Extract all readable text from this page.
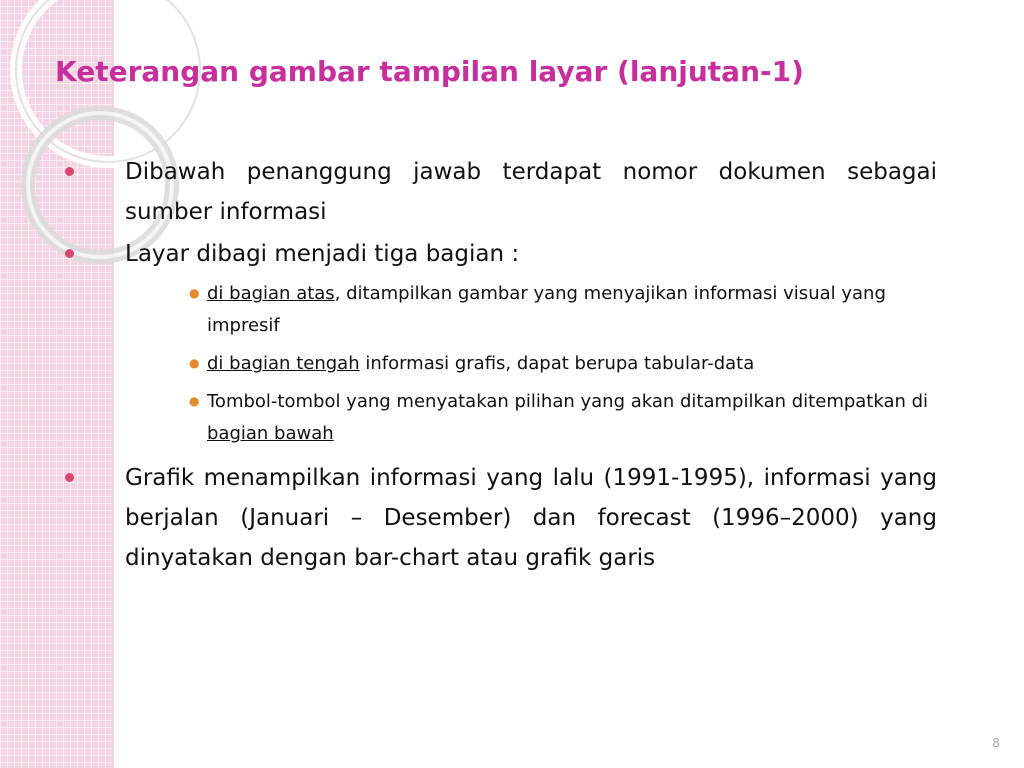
Keterangan gambar tampilan layar (lanjutan-1)

Dibawah penanggung jawab terdapat nomor dokumen sebagai sumber informasi

Layar dibagi menjadi tiga bagian :

● di bagian atas, ditampilkan gambar yang menyajikan informasi visual yang impresif

● di bagian tengah informasi grafis, dapat berupa tabular-data

● Tombol-tombol yang menyatakan pilihan yang akan ditampilkan ditempatkan di bagian bawah

Grafik menampilkan informasi yang lalu (1991-1995), informasi yang berjalan (Januari – Desember) dan forecast (1996–2000) yang dinyatakan dengan bar-chart atau grafik garis

8
